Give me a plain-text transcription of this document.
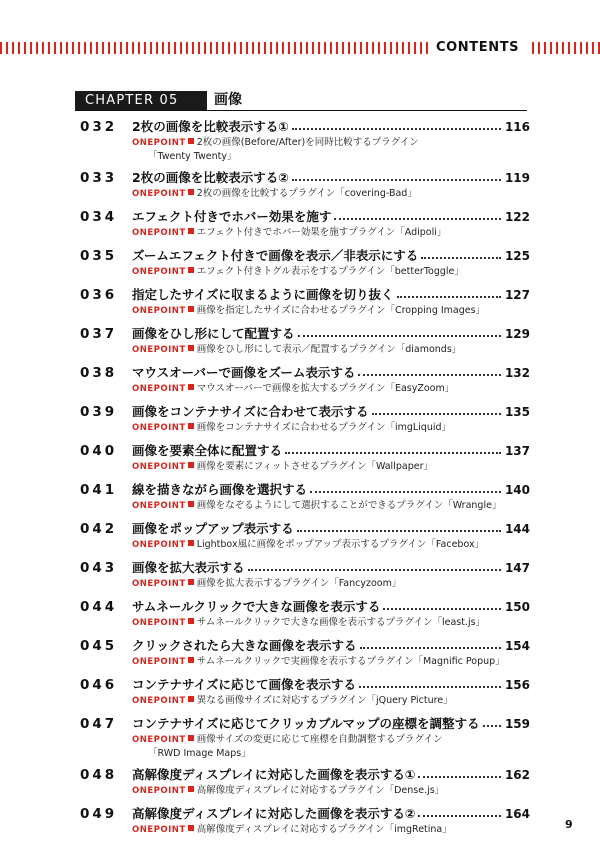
CONTENTS
CHAPTER 05	画像
032	2枚の画像を比較表示する①	116
ONEPOINT 2枚の画像(Before/After)を同時比較するプラグイン
「Twenty Twenty」
033	2枚の画像を比較表示する②	119
ONEPOINT 2枚の画像を比較するプラグイン「covering-Bad」
034	エフェクト付きでホバー効果を施す	122
ONEPOINT エフェクト付きでホバー効果を施すプラグイン「Adipoli」
035	ズームエフェクト付きで画像を表示／非表示にする	125
ONEPOINT エフェクト付きトグル表示をするプラグイン「betterToggle」
036	指定したサイズに収まるように画像を切り抜く	127
ONEPOINT 画像を指定したサイズに合わせるプラグイン「Cropping Images」
037	画像をひし形にして配置する	129
ONEPOINT 画像をひし形にして表示／配置するプラグイン「diamonds」
038	マウスオーバーで画像をズーム表示する	132
ONEPOINT マウスオーバーで画像を拡大するプラグイン「EasyZoom」
039	画像をコンテナサイズに合わせて表示する	135
ONEPOINT 画像をコンテナサイズに合わせるプラグイン「imgLiquid」
040	画像を要素全体に配置する	137
ONEPOINT 画像を要素にフィットさせるプラグイン「Wallpaper」
041	線を描きながら画像を選択する	140
ONEPOINT 画像をなぞるようにして選択することができるプラグイン「Wrangle」
042	画像をポップアップ表示する	144
ONEPOINT Lightbox風に画像をポップアップ表示するプラグイン「Facebox」
043	画像を拡大表示する	147
ONEPOINT 画像を拡大表示するプラグイン「Fancyzoom」
044	サムネールクリックで大きな画像を表示する	150
ONEPOINT サムネールクリックで大きな画像を表示するプラグイン「least.js」
045	クリックされたら大きな画像を表示する	154
ONEPOINT サムネールクリックで実画像を表示するプラグイン「Magnific Popup」
046	コンテナサイズに応じて画像を表示する	156
ONEPOINT 異なる画像サイズに対応するプラグイン「jQuery Picture」
047	コンテナサイズに応じてクリッカブルマップの座標を調整する 159
ONEPOINT 画像サイズの変更に応じて座標を自動調整するプラグイン
「RWD Image Maps」
048	高解像度ディスプレイに対応した画像を表示する①	162
ONEPOINT 高解像度ディスプレイに対応するプラグイン「Dense.js」
049	高解像度ディスプレイに対応した画像を表示する②	164
ONEPOINT 高解像度ディスプレイに対応するプラグイン「imgRetina」	9
